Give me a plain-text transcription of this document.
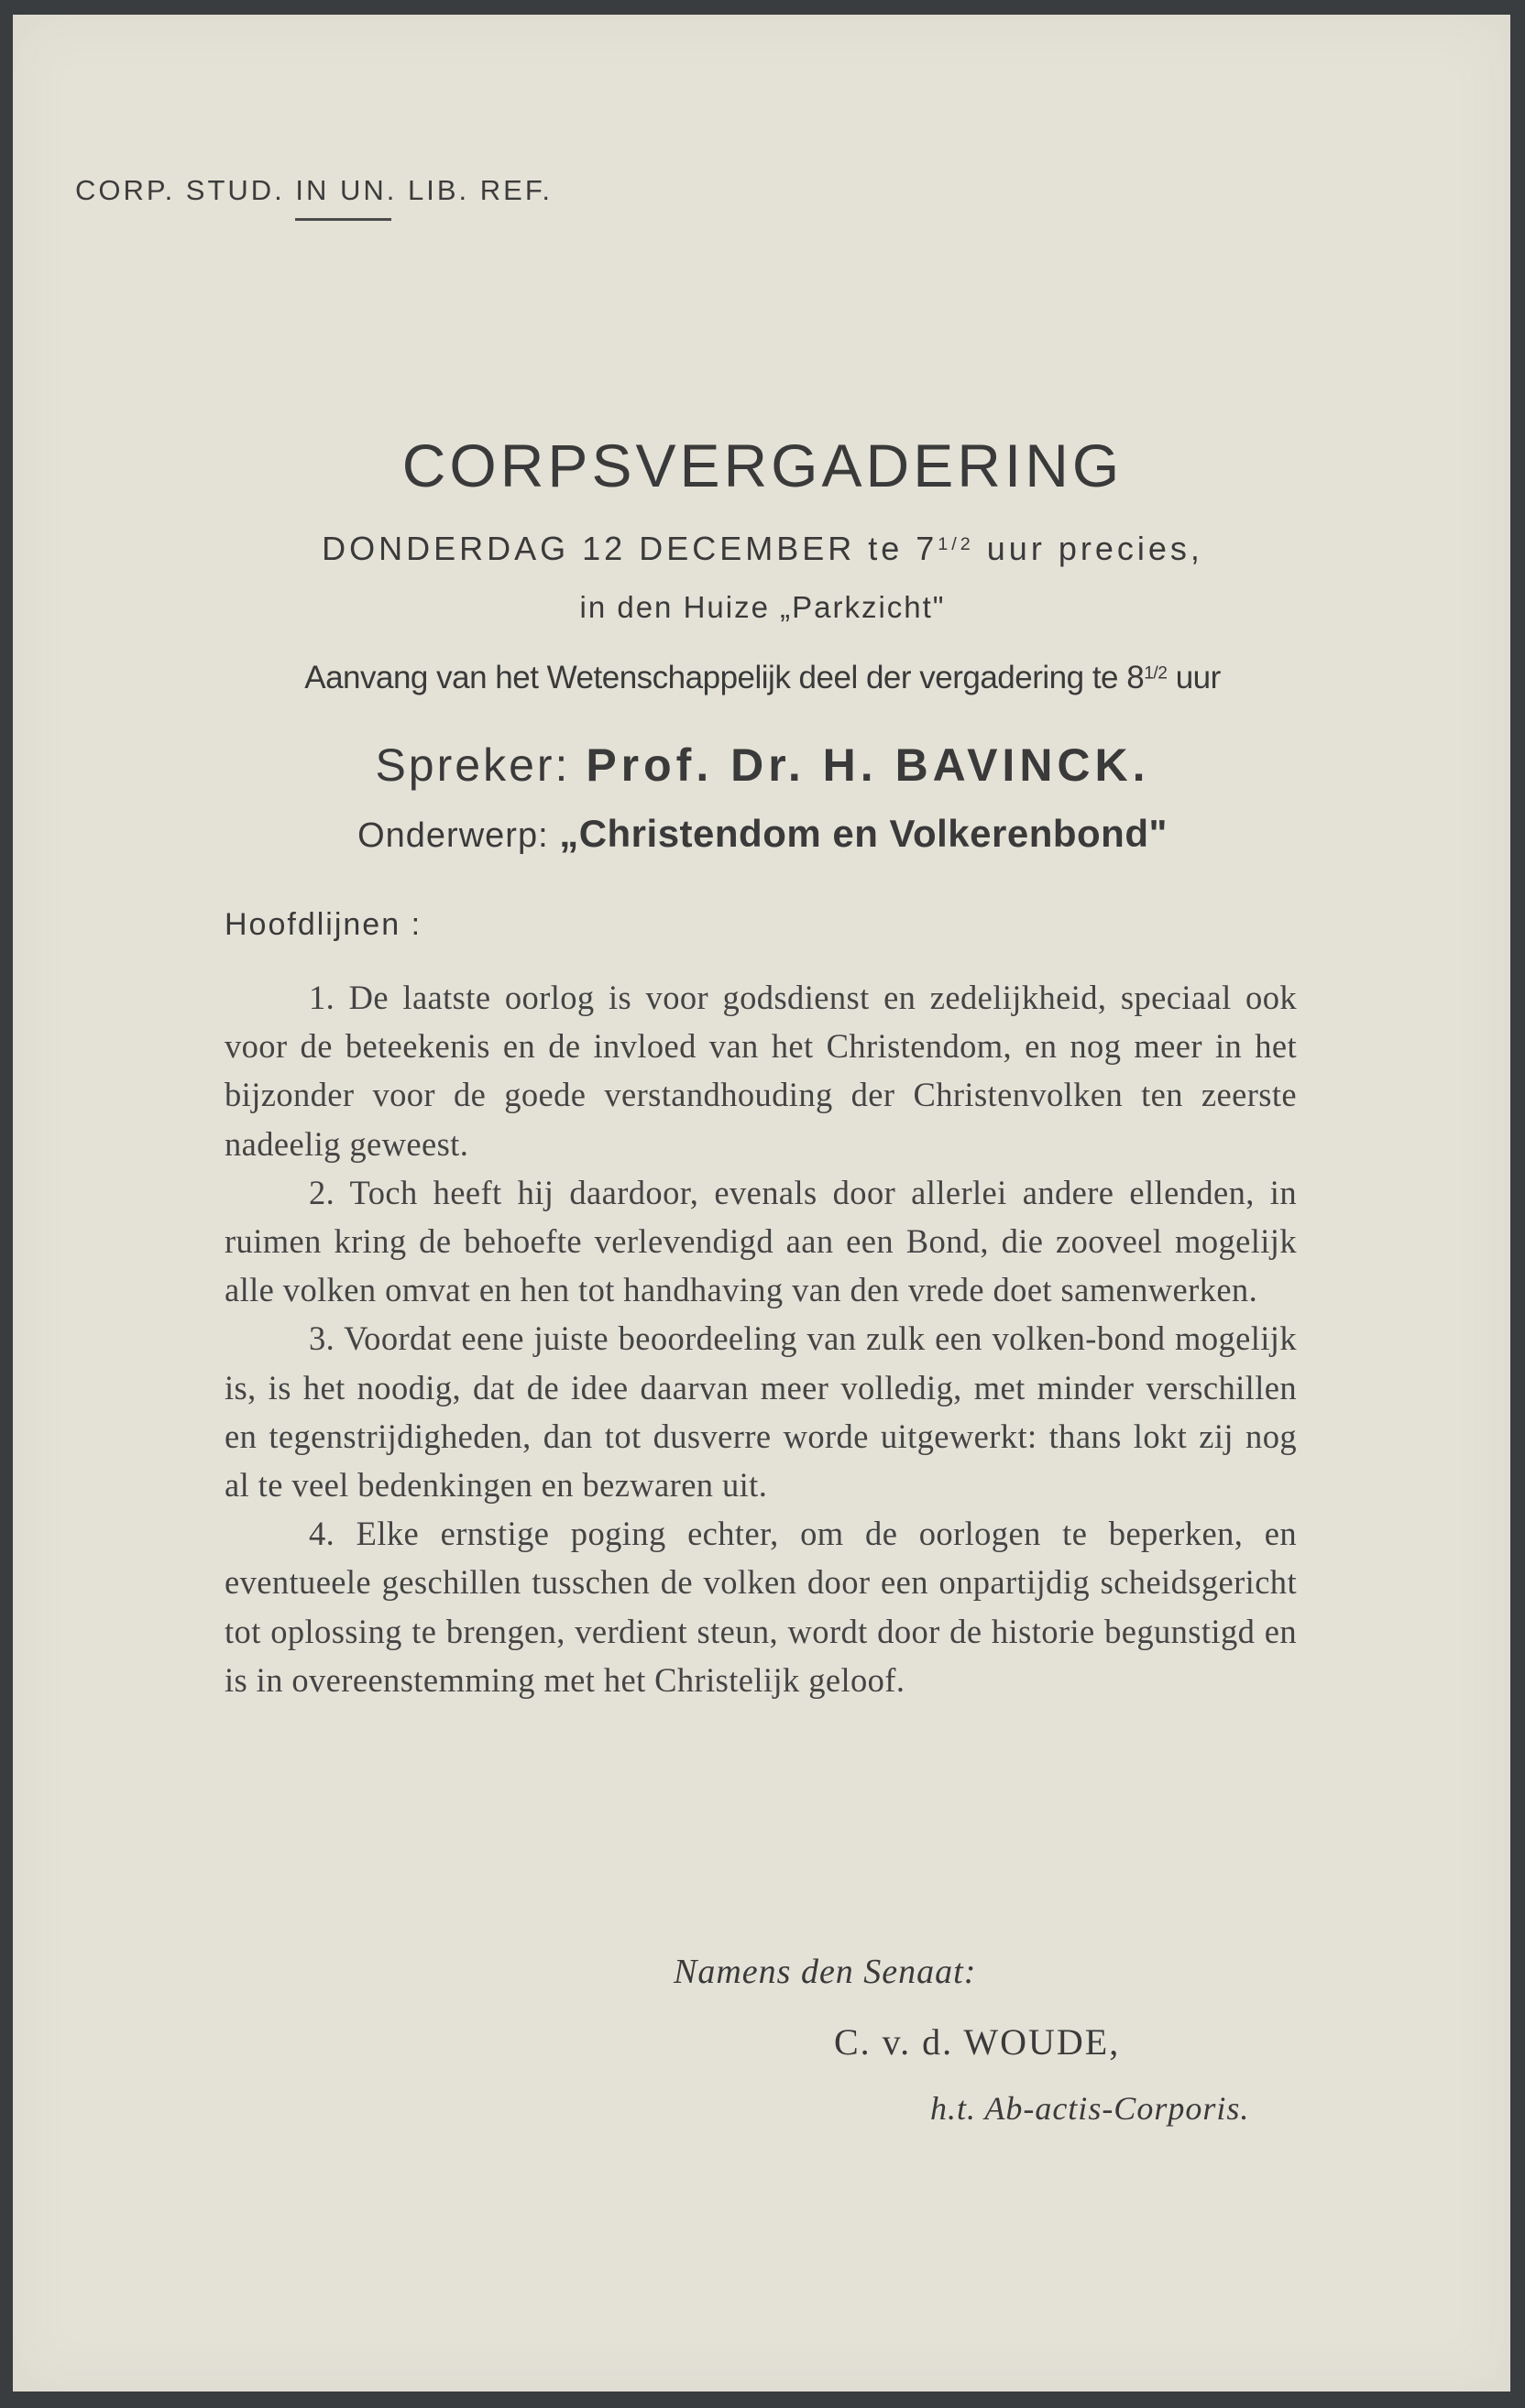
CORP. STUD. IN UN. LIB. REF.
CORPSVERGADERING
DONDERDAG 12 DECEMBER te $7^{1/2}$ uur precies,
in den Huize „Parkzicht"
Aanvang van het Wetenschappelijk deel der vergadering te $8^{1/2}$ uur
Spreker: Prof. Dr. H. BAVINCK.
Onderwerp: „Christendom en Volkerenbond"
Hoofdlijnen :

1. De laatste oorlog is voor godsdienst en zedelijkheid, speciaal ook voor de beteekenis en de invloed van het Christendom, en nog meer in het bijzonder voor de goede verstandhouding der Christenvolken ten zeerste nadeelig geweest.

2. Toch heeft hij daardoor, evenals door allerlei andere ellenden, in ruimen kring de behoefte verlevendigd aan een Bond, die zooveel mogelijk alle volken omvat en hen tot handhaving van den vrede doet samenwerken.

3. Voordat eene juiste beoordeeling van zulk een volken-bond mogelijk is, is het noodig, dat de idee daarvan meer volledig, met minder verschillen en tegenstrijdigheden, dan tot dusverre worde uitgewerkt: thans lokt zij nog al te veel bedenkingen en bezwaren uit.

4. Elke ernstige poging echter, om de oorlogen te beperken, en eventueele geschillen tusschen de volken door een onpartijdig scheidsgericht tot oplossing te brengen, verdient steun, wordt door de historie begunstigd en is in overeenstemming met het Christelijk geloof.

Namens den Senaat:
C. v. d. WOUDE,
h.t. Ab-actis-Corporis.
